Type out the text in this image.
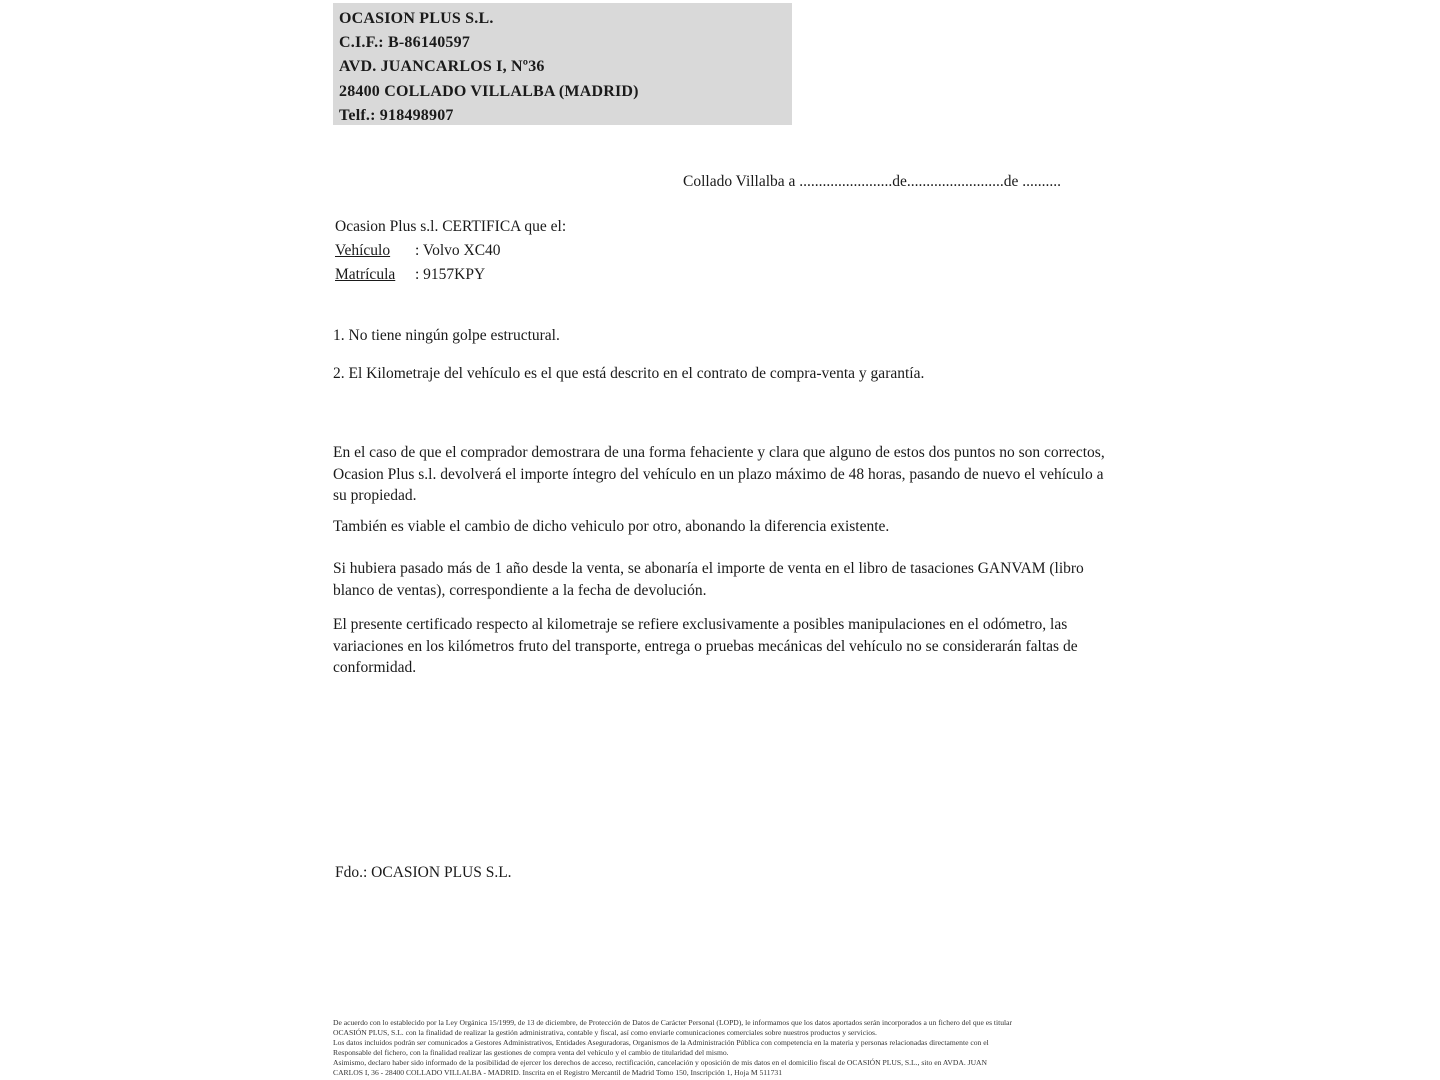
OCASION PLUS S.L.
C.I.F.: B-86140597
AVD. JUANCARLOS I, Nº36
28400 COLLADO VILLALBA (MADRID)
Telf.: 918498907
Collado Villalba a ........................de.........................de ..........
Ocasion Plus s.l. CERTIFICA que el:
Vehículo : Volvo XC40
Matrícula : 9157KPY
1. No tiene ningún golpe estructural.
2. El Kilometraje del vehículo es el que está descrito en el contrato de compra-venta y garantía.
En el caso de que el comprador demostrara de una forma fehaciente y clara que alguno de estos dos puntos no son correctos, Ocasion Plus s.l. devolverá el importe íntegro del vehículo en un plazo máximo de 48 horas, pasando de nuevo el vehículo a su propiedad.
También es viable el cambio de dicho vehiculo por otro, abonando la diferencia existente.
Si hubiera pasado más de 1 año desde la venta, se abonaría el importe de venta en el libro de tasaciones GANVAM (libro blanco de ventas), correspondiente a la fecha de devolución.
El presente certificado respecto al kilometraje se refiere exclusivamente a posibles manipulaciones en el odómetro, las variaciones en los kilómetros fruto del transporte, entrega o pruebas mecánicas del vehículo no se considerarán faltas de conformidad.
Fdo.: OCASION PLUS S.L.
De acuerdo con lo establecido por la Ley Orgánica 15/1999, de 13 de diciembre, de Protección de Datos de Carácter Personal (LOPD), le informamos que los datos aportados serán incorporados a un fichero del que es titular
OCASIÓN PLUS, S.L. con la finalidad de realizar la gestión administrativa, contable y fiscal, así como enviarle comunicaciones comerciales sobre nuestros productos y servicios.
Los datos incluidos podrán ser comunicados a Gestores Administrativos, Entidades Aseguradoras, Organismos de la Administración Pública con competencia en la materia y personas relacionadas directamente con el
Responsable del fichero, con la finalidad realizar las gestiones de compra venta del vehículo y el cambio de titularidad del mismo.
Asimismo, declaro haber sido informado de la posibilidad de ejercer los derechos de acceso, rectificación, cancelación y oposición de mis datos en el domicilio fiscal de OCASIÓN PLUS, S.L., sito en AVDA. JUAN
CARLOS I, 36 - 28400 COLLADO VILLALBA - MADRID. Inscrita en el Registro Mercantil de Madrid Tomo 150, Inscripción 1, Hoja M 511731
